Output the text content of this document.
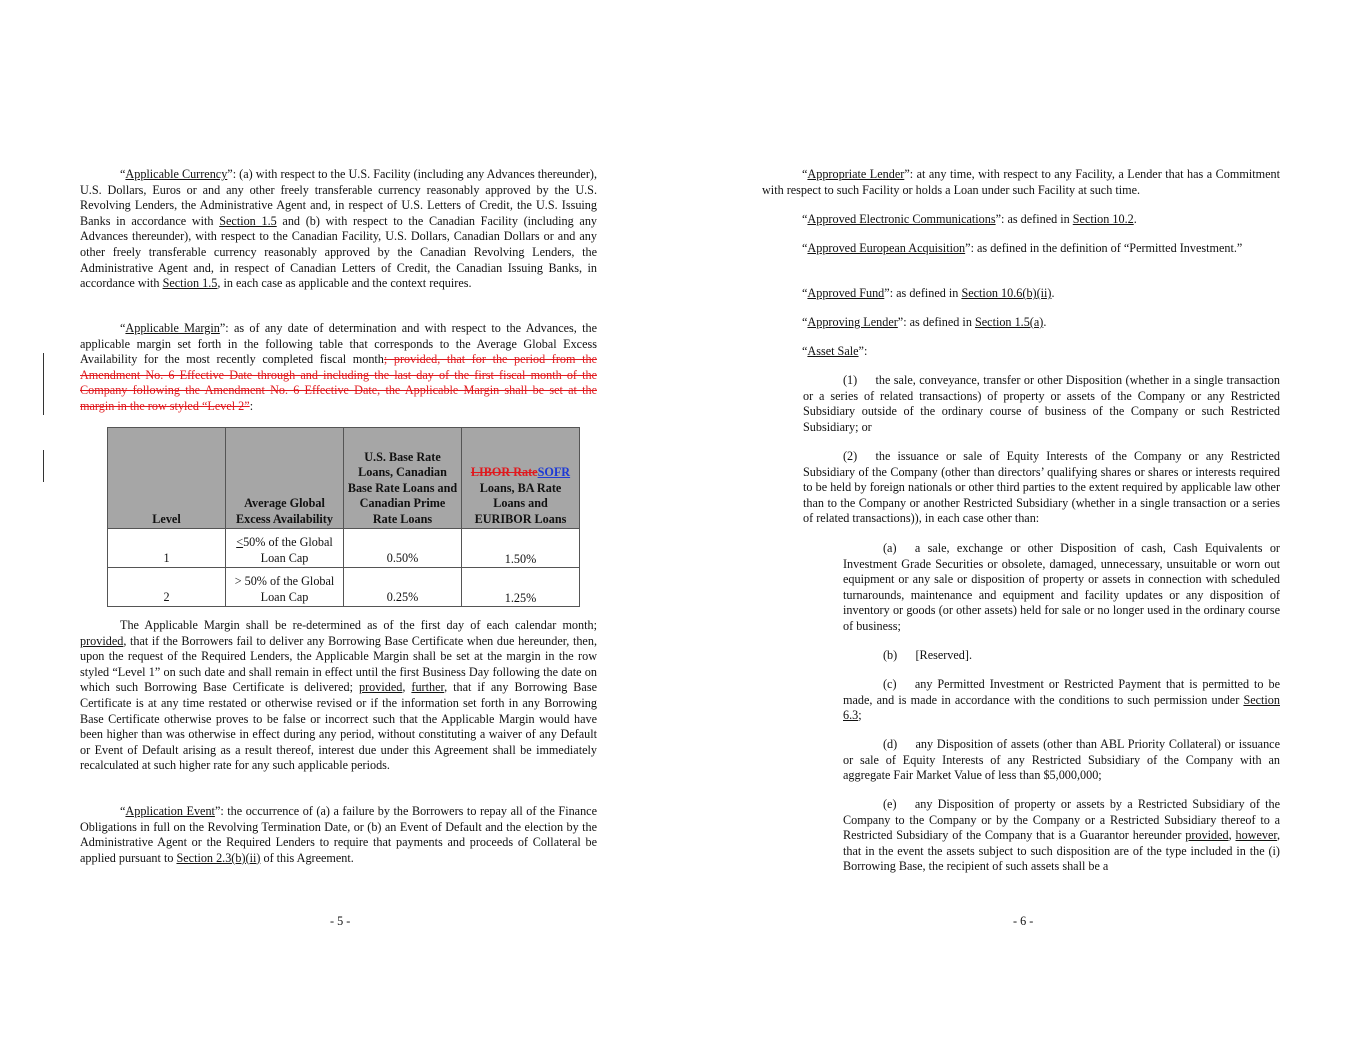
“Applicable Currency”: (a) with respect to the U.S. Facility (including any Advances thereunder), U.S. Dollars, Euros or and any other freely transferable currency reasonably approved by the U.S. Revolving Lenders, the Administrative Agent and, in respect of U.S. Letters of Credit, the U.S. Issuing Banks in accordance with Section 1.5 and (b) with respect to the Canadian Facility (including any Advances thereunder), with respect to the Canadian Facility, U.S. Dollars, Canadian Dollars or and any other freely transferable currency reasonably approved by the Canadian Revolving Lenders, the Administrative Agent and, in respect of Canadian Letters of Credit, the Canadian Issuing Banks, in accordance with Section 1.5, in each case as applicable and the context requires.

“Applicable Margin”: as of any date of determination and with respect to the Advances, the applicable margin set forth in the following table that corresponds to the Average Global Excess Availability for the most recently completed fiscal month; provided, that for the period from the Amendment No. 6 Effective Date through and including the last day of the first fiscal month of the Company following the Amendment No. 6 Effective Date, the Applicable Margin shall be set at the margin in the row styled “Level 2”:

Level	Average Global Excess Availability	U.S. Base Rate Loans, Canadian Base Rate Loans and Canadian Prime Rate Loans	LIBOR RateSOFR Loans, BA Rate Loans and EURIBOR Loans
1	≤50% of the Global Loan Cap	0.50%	1.50%
2	> 50% of the Global Loan Cap	0.25%	1.25%

The Applicable Margin shall be re-determined as of the first day of each calendar month; provided, that if the Borrowers fail to deliver any Borrowing Base Certificate when due hereunder, then, upon the request of the Required Lenders, the Applicable Margin shall be set at the margin in the row styled “Level 1” on such date and shall remain in effect until the first Business Day following the date on which such Borrowing Base Certificate is delivered; provided, further, that if any Borrowing Base Certificate is at any time restated or otherwise revised or if the information set forth in any Borrowing Base Certificate otherwise proves to be false or incorrect such that the Applicable Margin would have been higher than was otherwise in effect during any period, without constituting a waiver of any Default or Event of Default arising as a result thereof, interest due under this Agreement shall be immediately recalculated at such higher rate for any such applicable periods.

“Application Event”: the occurrence of (a) a failure by the Borrowers to repay all of the Finance Obligations in full on the Revolving Termination Date, or (b) an Event of Default and the election by the Administrative Agent or the Required Lenders to require that payments and proceeds of Collateral be applied pursuant to Section 2.3(b)(ii) of this Agreement.

- 5 -

“Appropriate Lender”: at any time, with respect to any Facility, a Lender that has a Commitment with respect to such Facility or holds a Loan under such Facility at such time.

“Approved Electronic Communications”: as defined in Section 10.2.

“Approved European Acquisition”: as defined in the definition of “Permitted Investment.”

“Approved Fund”: as defined in Section 10.6(b)(ii).

“Approving Lender”: as defined in Section 1.5(a).

“Asset Sale”:

(1)   the sale, conveyance, transfer or other Disposition (whether in a single transaction or a series of related transactions) of property or assets of the Company or any Restricted Subsidiary outside of the ordinary course of business of the Company or such Restricted Subsidiary; or

(2)   the issuance or sale of Equity Interests of the Company or any Restricted Subsidiary of the Company (other than directors’ qualifying shares or shares or interests required to be held by foreign nationals or other third parties to the extent required by applicable law other than to the Company or another Restricted Subsidiary (whether in a single transaction or a series of related transactions)), in each case other than:

(a)   a sale, exchange or other Disposition of cash, Cash Equivalents or Investment Grade Securities or obsolete, damaged, unnecessary, unsuitable or worn out equipment or any sale or disposition of property or assets in connection with scheduled turnarounds, maintenance and equipment and facility updates or any disposition of inventory or goods (or other assets) held for sale or no longer used in the ordinary course of business;

(b)   [Reserved].

(c)   any Permitted Investment or Restricted Payment that is permitted to be made, and is made in accordance with the conditions to such permission under Section 6.3;

(d)   any Disposition of assets (other than ABL Priority Collateral) or issuance or sale of Equity Interests of any Restricted Subsidiary of the Company with an aggregate Fair Market Value of less than $5,000,000;

(e)   any Disposition of property or assets by a Restricted Subsidiary of the Company to the Company or by the Company or a Restricted Subsidiary thereof to a Restricted Subsidiary of the Company that is a Guarantor hereunder provided, however, that in the event the assets subject to such disposition are of the type included in the (i) Borrowing Base, the recipient of such assets shall be a

- 6 -
